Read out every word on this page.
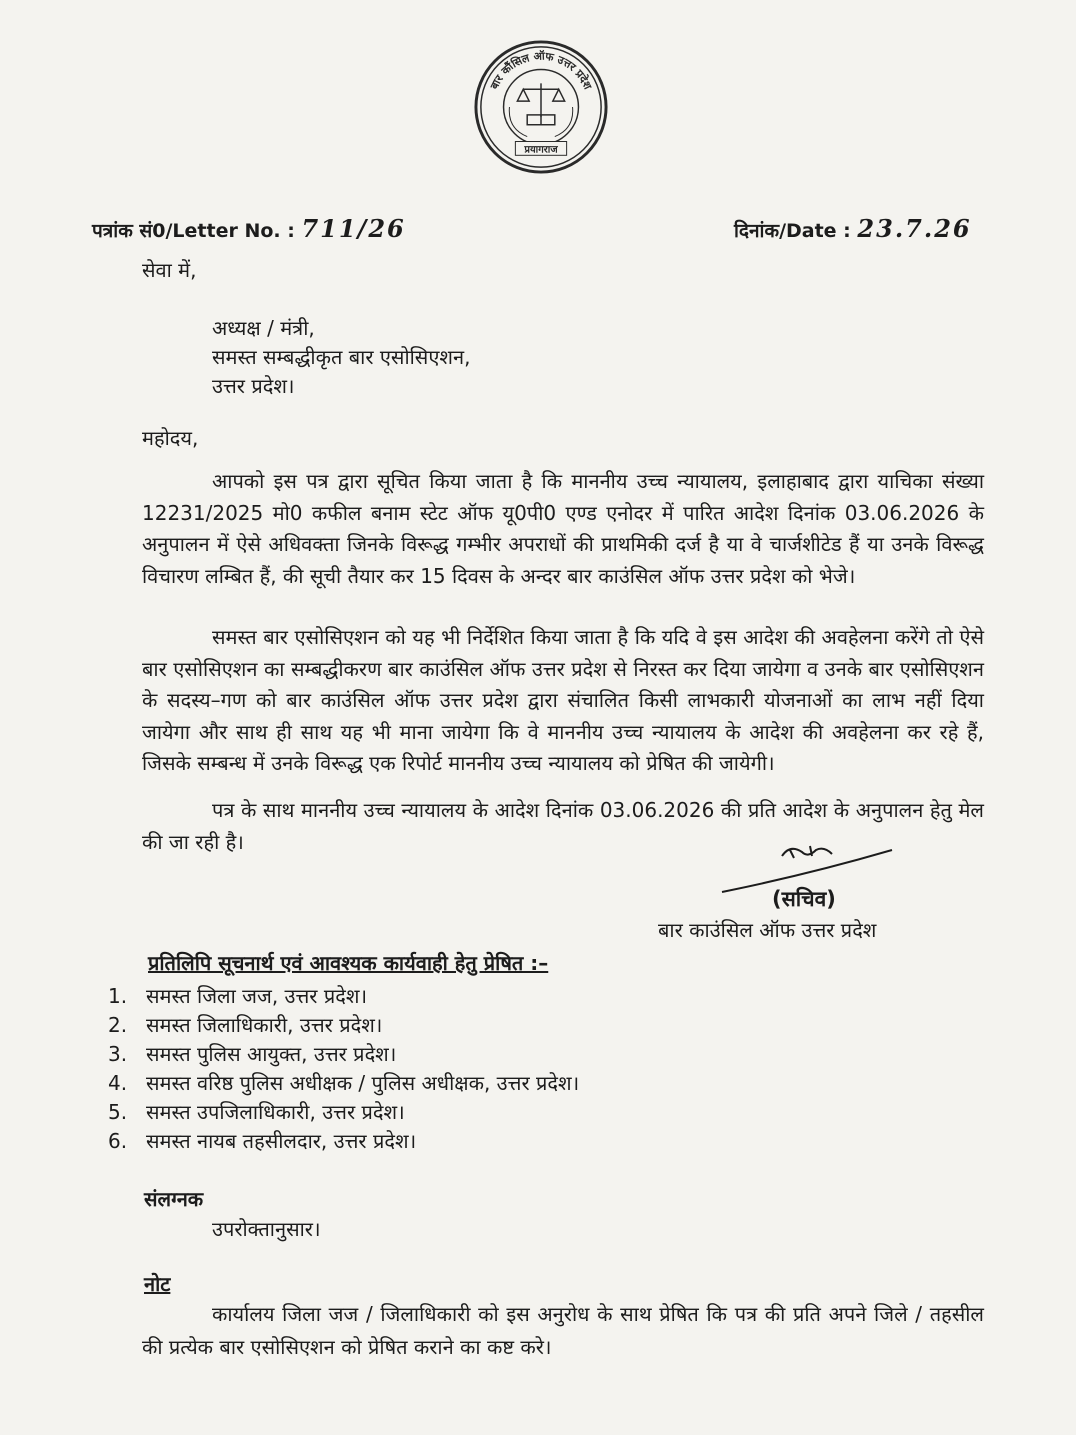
बार कौंसिल ऑफ उत्तर प्रदेश
प्रयागराज
पत्रांक सं0/Letter No. : 711/26	दिनांक/Date : 23.7.26
सेवा में,
अध्यक्ष / मंत्री,
समस्त सम्बद्धीकृत बार एसोसिएशन,
उत्तर प्रदेश।
महोदय,
आपको इस पत्र द्वारा सूचित किया जाता है कि माननीय उच्च न्यायालय, इलाहाबाद द्वारा याचिका संख्या 12231/2025 मो0 कफील बनाम स्टेट ऑफ यू0पी0 एण्ड एनोदर में पारित आदेश दिनांक 03.06.2026 के अनुपालन में ऐसे अधिवक्ता जिनके विरूद्ध गम्भीर अपराधों की प्राथमिकी दर्ज है या वे चार्जशीटेड हैं या उनके विरूद्ध विचारण लम्बित हैं, की सूची तैयार कर 15 दिवस के अन्दर बार काउंसिल ऑफ उत्तर प्रदेश को भेजे।
समस्त बार एसोसिएशन को यह भी निर्देशित किया जाता है कि यदि वे इस आदेश की अवहेलना करेंगे तो ऐसे बार एसोसिएशन का सम्बद्धीकरण बार काउंसिल ऑफ उत्तर प्रदेश से निरस्त कर दिया जायेगा व उनके बार एसोसिएशन के सदस्य–गण को बार काउंसिल ऑफ उत्तर प्रदेश द्वारा संचालित किसी लाभकारी योजनाओं का लाभ नहीं दिया जायेगा और साथ ही साथ यह भी माना जायेगा कि वे माननीय उच्च न्यायालय के आदेश की अवहेलना कर रहे हैं, जिसके सम्बन्ध में उनके विरूद्ध एक रिपोर्ट माननीय उच्च न्यायालय को प्रेषित की जायेगी।
पत्र के साथ माननीय उच्च न्यायालय के आदेश दिनांक 03.06.2026 की प्रति आदेश के अनुपालन हेतु मेल की जा रही है।
(सचिव)
बार काउंसिल ऑफ उत्तर प्रदेश
प्रतिलिपि सूचनार्थ एवं आवश्यक कार्यवाही हेतु प्रेषित :–
1. समस्त जिला जज, उत्तर प्रदेश।
2. समस्त जिलाधिकारी, उत्तर प्रदेश।
3. समस्त पुलिस आयुक्त, उत्तर प्रदेश।
4. समस्त वरिष्ठ पुलिस अधीक्षक / पुलिस अधीक्षक, उत्तर प्रदेश।
5. समस्त उपजिलाधिकारी, उत्तर प्रदेश।
6. समस्त नायब तहसीलदार, उत्तर प्रदेश।
संलग्नक
उपरोक्तानुसार।
नोट
कार्यालय जिला जज / जिलाधिकारी को इस अनुरोध के साथ प्रेषित कि पत्र की प्रति अपने जिले / तहसील की प्रत्येक बार एसोसिएशन को प्रेषित कराने का कष्ट करे।
